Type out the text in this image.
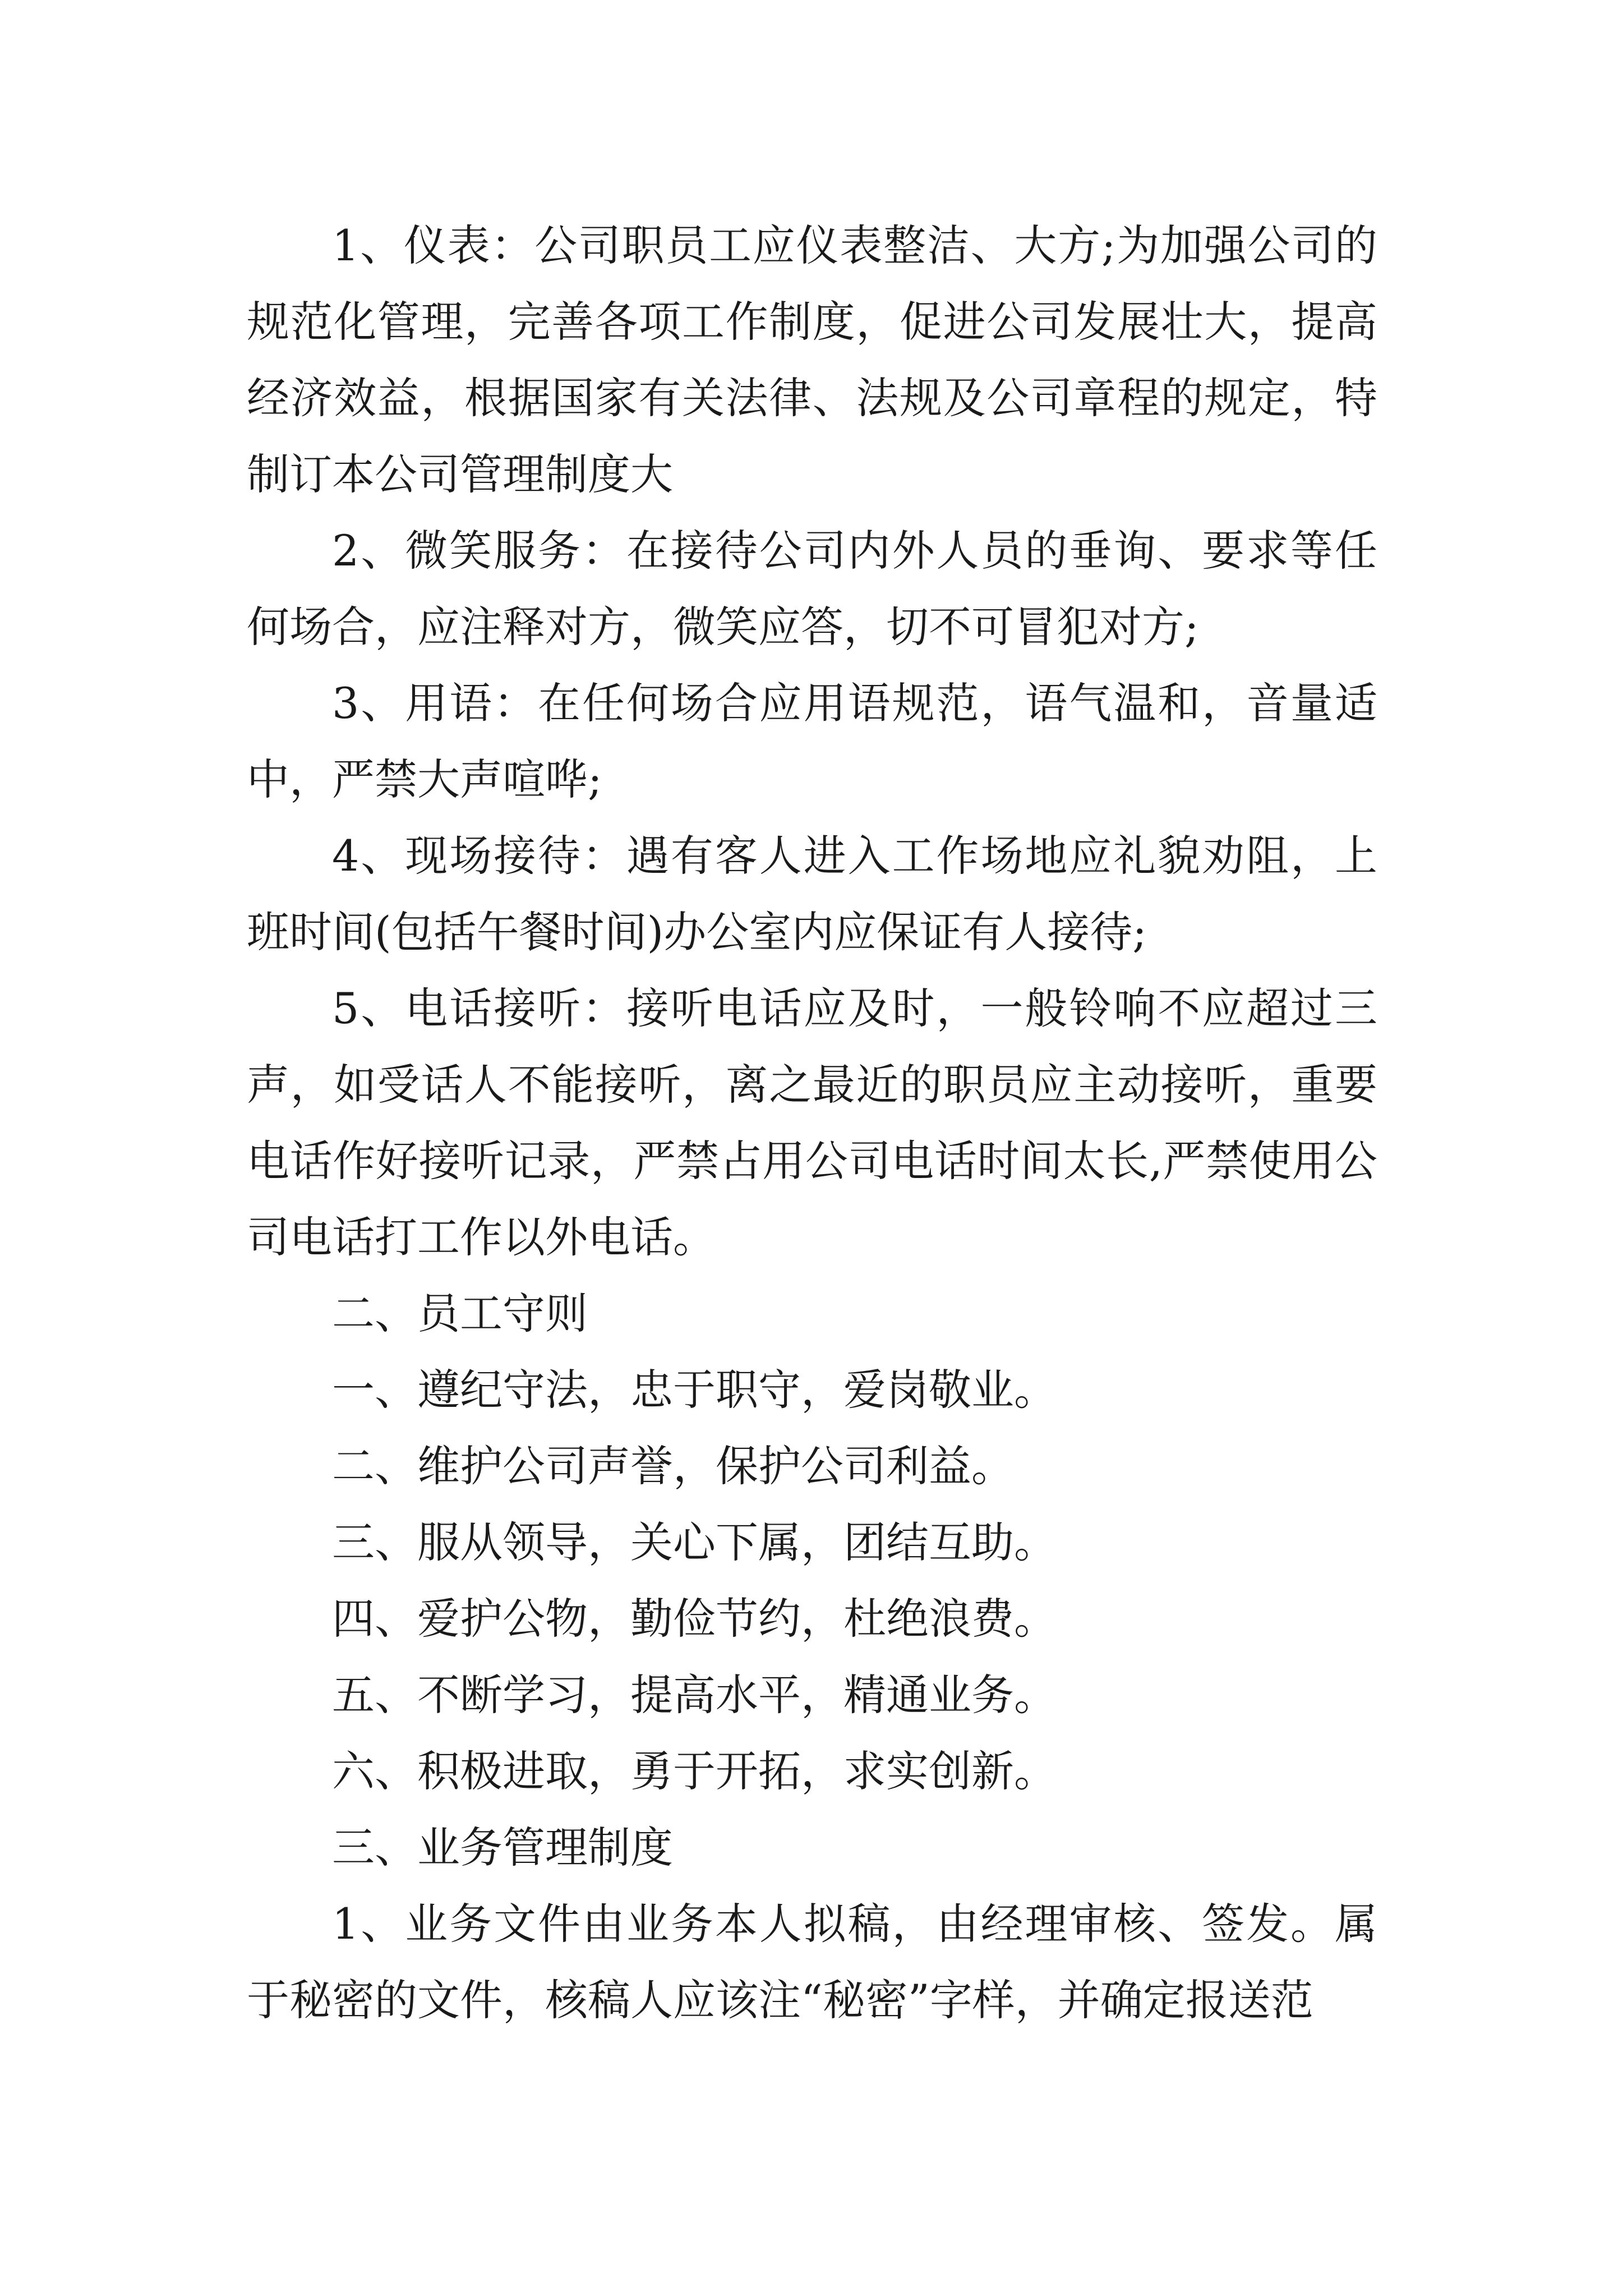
1、仪表：公司职员工应仪表整洁、大方;为加强公司的规范化管理，完善各项工作制度，促进公司发展壮大，提高经济效益，根据国家有关法律、法规及公司章程的规定，特制订本公司管理制度大

2、微笑服务：在接待公司内外人员的垂询、要求等任何场合，应注释对方，微笑应答，切不可冒犯对方;

3、用语：在任何场合应用语规范，语气温和，音量适中，严禁大声喧哗;

4、现场接待：遇有客人进入工作场地应礼貌劝阻，上班时间(包括午餐时间)办公室内应保证有人接待;

5、电话接听：接听电话应及时，一般铃响不应超过三声，如受话人不能接听，离之最近的职员应主动接听，重要电话作好接听记录，严禁占用公司电话时间太长,严禁使用公司电话打工作以外电话。

二、员工守则

一、遵纪守法，忠于职守，爱岗敬业。

二、维护公司声誉，保护公司利益。

三、服从领导，关心下属，团结互助。

四、爱护公物，勤俭节约，杜绝浪费。

五、不断学习，提高水平，精通业务。

六、积极进取，勇于开拓，求实创新。

三、业务管理制度

1、业务文件由业务本人拟稿，由经理审核、签发。属于秘密的文件，核稿人应该注“秘密”字样，并确定报送范
